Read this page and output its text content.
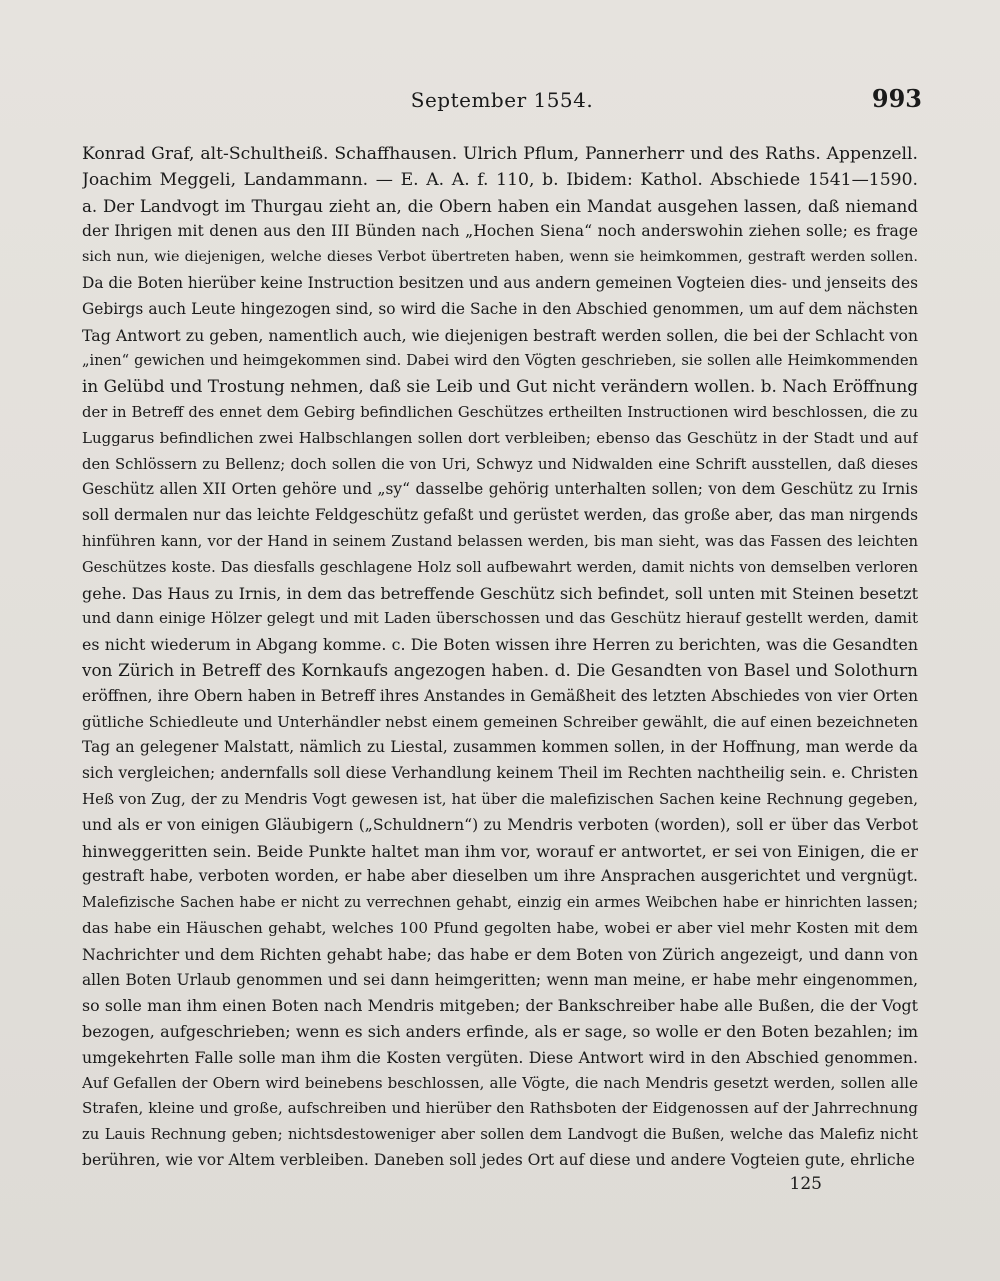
September 1554.	993
Konrad Graf, alt-Schultheiß. Schaffhausen. Ulrich Pflum, Pannerherr und des Raths. Appenzell.
Joachim Meggeli, Landammann. — E. A. A. f. 110, b. Ibidem: Kathol. Abschiede 1541—1590.
a. Der Landvogt im Thurgau zieht an, die Obern haben ein Mandat ausgehen lassen, daß niemand
der Ihrigen mit denen aus den III Bünden nach „Hochen Siena“ noch anderswohin ziehen solle; es frage
sich nun, wie diejenigen, welche dieses Verbot übertreten haben, wenn sie heimkommen, gestraft werden sollen.
Da die Boten hierüber keine Instruction besitzen und aus andern gemeinen Vogteien dies- und jenseits des
Gebirgs auch Leute hingezogen sind, so wird die Sache in den Abschied genommen, um auf dem nächsten
Tag Antwort zu geben, namentlich auch, wie diejenigen bestraft werden sollen, die bei der Schlacht von
„inen“ gewichen und heimgekommen sind. Dabei wird den Vögten geschrieben, sie sollen alle Heimkommenden
in Gelübd und Trostung nehmen, daß sie Leib und Gut nicht verändern wollen. b. Nach Eröffnung
der in Betreff des ennet dem Gebirg befindlichen Geschützes ertheilten Instructionen wird beschlossen, die zu
Luggarus befindlichen zwei Halbschlangen sollen dort verbleiben; ebenso das Geschütz in der Stadt und auf
den Schlössern zu Bellenz; doch sollen die von Uri, Schwyz und Nidwalden eine Schrift ausstellen, daß dieses
Geschütz allen XII Orten gehöre und „sy“ dasselbe gehörig unterhalten sollen; von dem Geschütz zu Irnis
soll dermalen nur das leichte Feldgeschütz gefaßt und gerüstet werden, das große aber, das man nirgends
hinführen kann, vor der Hand in seinem Zustand belassen werden, bis man sieht, was das Fassen des leichten
Geschützes koste. Das diesfalls geschlagene Holz soll aufbewahrt werden, damit nichts von demselben verloren
gehe. Das Haus zu Irnis, in dem das betreffende Geschütz sich befindet, soll unten mit Steinen besetzt
und dann einige Hölzer gelegt und mit Laden überschossen und das Geschütz hierauf gestellt werden, damit
es nicht wiederum in Abgang komme. c. Die Boten wissen ihre Herren zu berichten, was die Gesandten
von Zürich in Betreff des Kornkaufs angezogen haben. d. Die Gesandten von Basel und Solothurn
eröffnen, ihre Obern haben in Betreff ihres Anstandes in Gemäßheit des letzten Abschiedes von vier Orten
gütliche Schiedleute und Unterhändler nebst einem gemeinen Schreiber gewählt, die auf einen bezeichneten
Tag an gelegener Malstatt, nämlich zu Liestal, zusammen kommen sollen, in der Hoffnung, man werde da
sich vergleichen; andernfalls soll diese Verhandlung keinem Theil im Rechten nachtheilig sein. e. Christen
Heß von Zug, der zu Mendris Vogt gewesen ist, hat über die malefizischen Sachen keine Rechnung gegeben,
und als er von einigen Gläubigern („Schuldnern“) zu Mendris verboten (worden), soll er über das Verbot
hinweggeritten sein. Beide Punkte haltet man ihm vor, worauf er antwortet, er sei von Einigen, die er
gestraft habe, verboten worden, er habe aber dieselben um ihre Ansprachen ausgerichtet und vergnügt.
Malefizische Sachen habe er nicht zu verrechnen gehabt, einzig ein armes Weibchen habe er hinrichten lassen;
das habe ein Häuschen gehabt, welches 100 Pfund gegolten habe, wobei er aber viel mehr Kosten mit dem
Nachrichter und dem Richten gehabt habe; das habe er dem Boten von Zürich angezeigt, und dann von
allen Boten Urlaub genommen und sei dann heimgeritten; wenn man meine, er habe mehr eingenommen,
so solle man ihm einen Boten nach Mendris mitgeben; der Bankschreiber habe alle Bußen, die der Vogt
bezogen, aufgeschrieben; wenn es sich anders erfinde, als er sage, so wolle er den Boten bezahlen; im
umgekehrten Falle solle man ihm die Kosten vergüten. Diese Antwort wird in den Abschied genommen.
Auf Gefallen der Obern wird beinebens beschlossen, alle Vögte, die nach Mendris gesetzt werden, sollen alle
Strafen, kleine und große, aufschreiben und hierüber den Rathsboten der Eidgenossen auf der Jahrrechnung
zu Lauis Rechnung geben; nichtsdestoweniger aber sollen dem Landvogt die Bußen, welche das Malefiz nicht
berühren, wie vor Altem verbleiben. Daneben soll jedes Ort auf diese und andere Vogteien gute, ehrliche
125
